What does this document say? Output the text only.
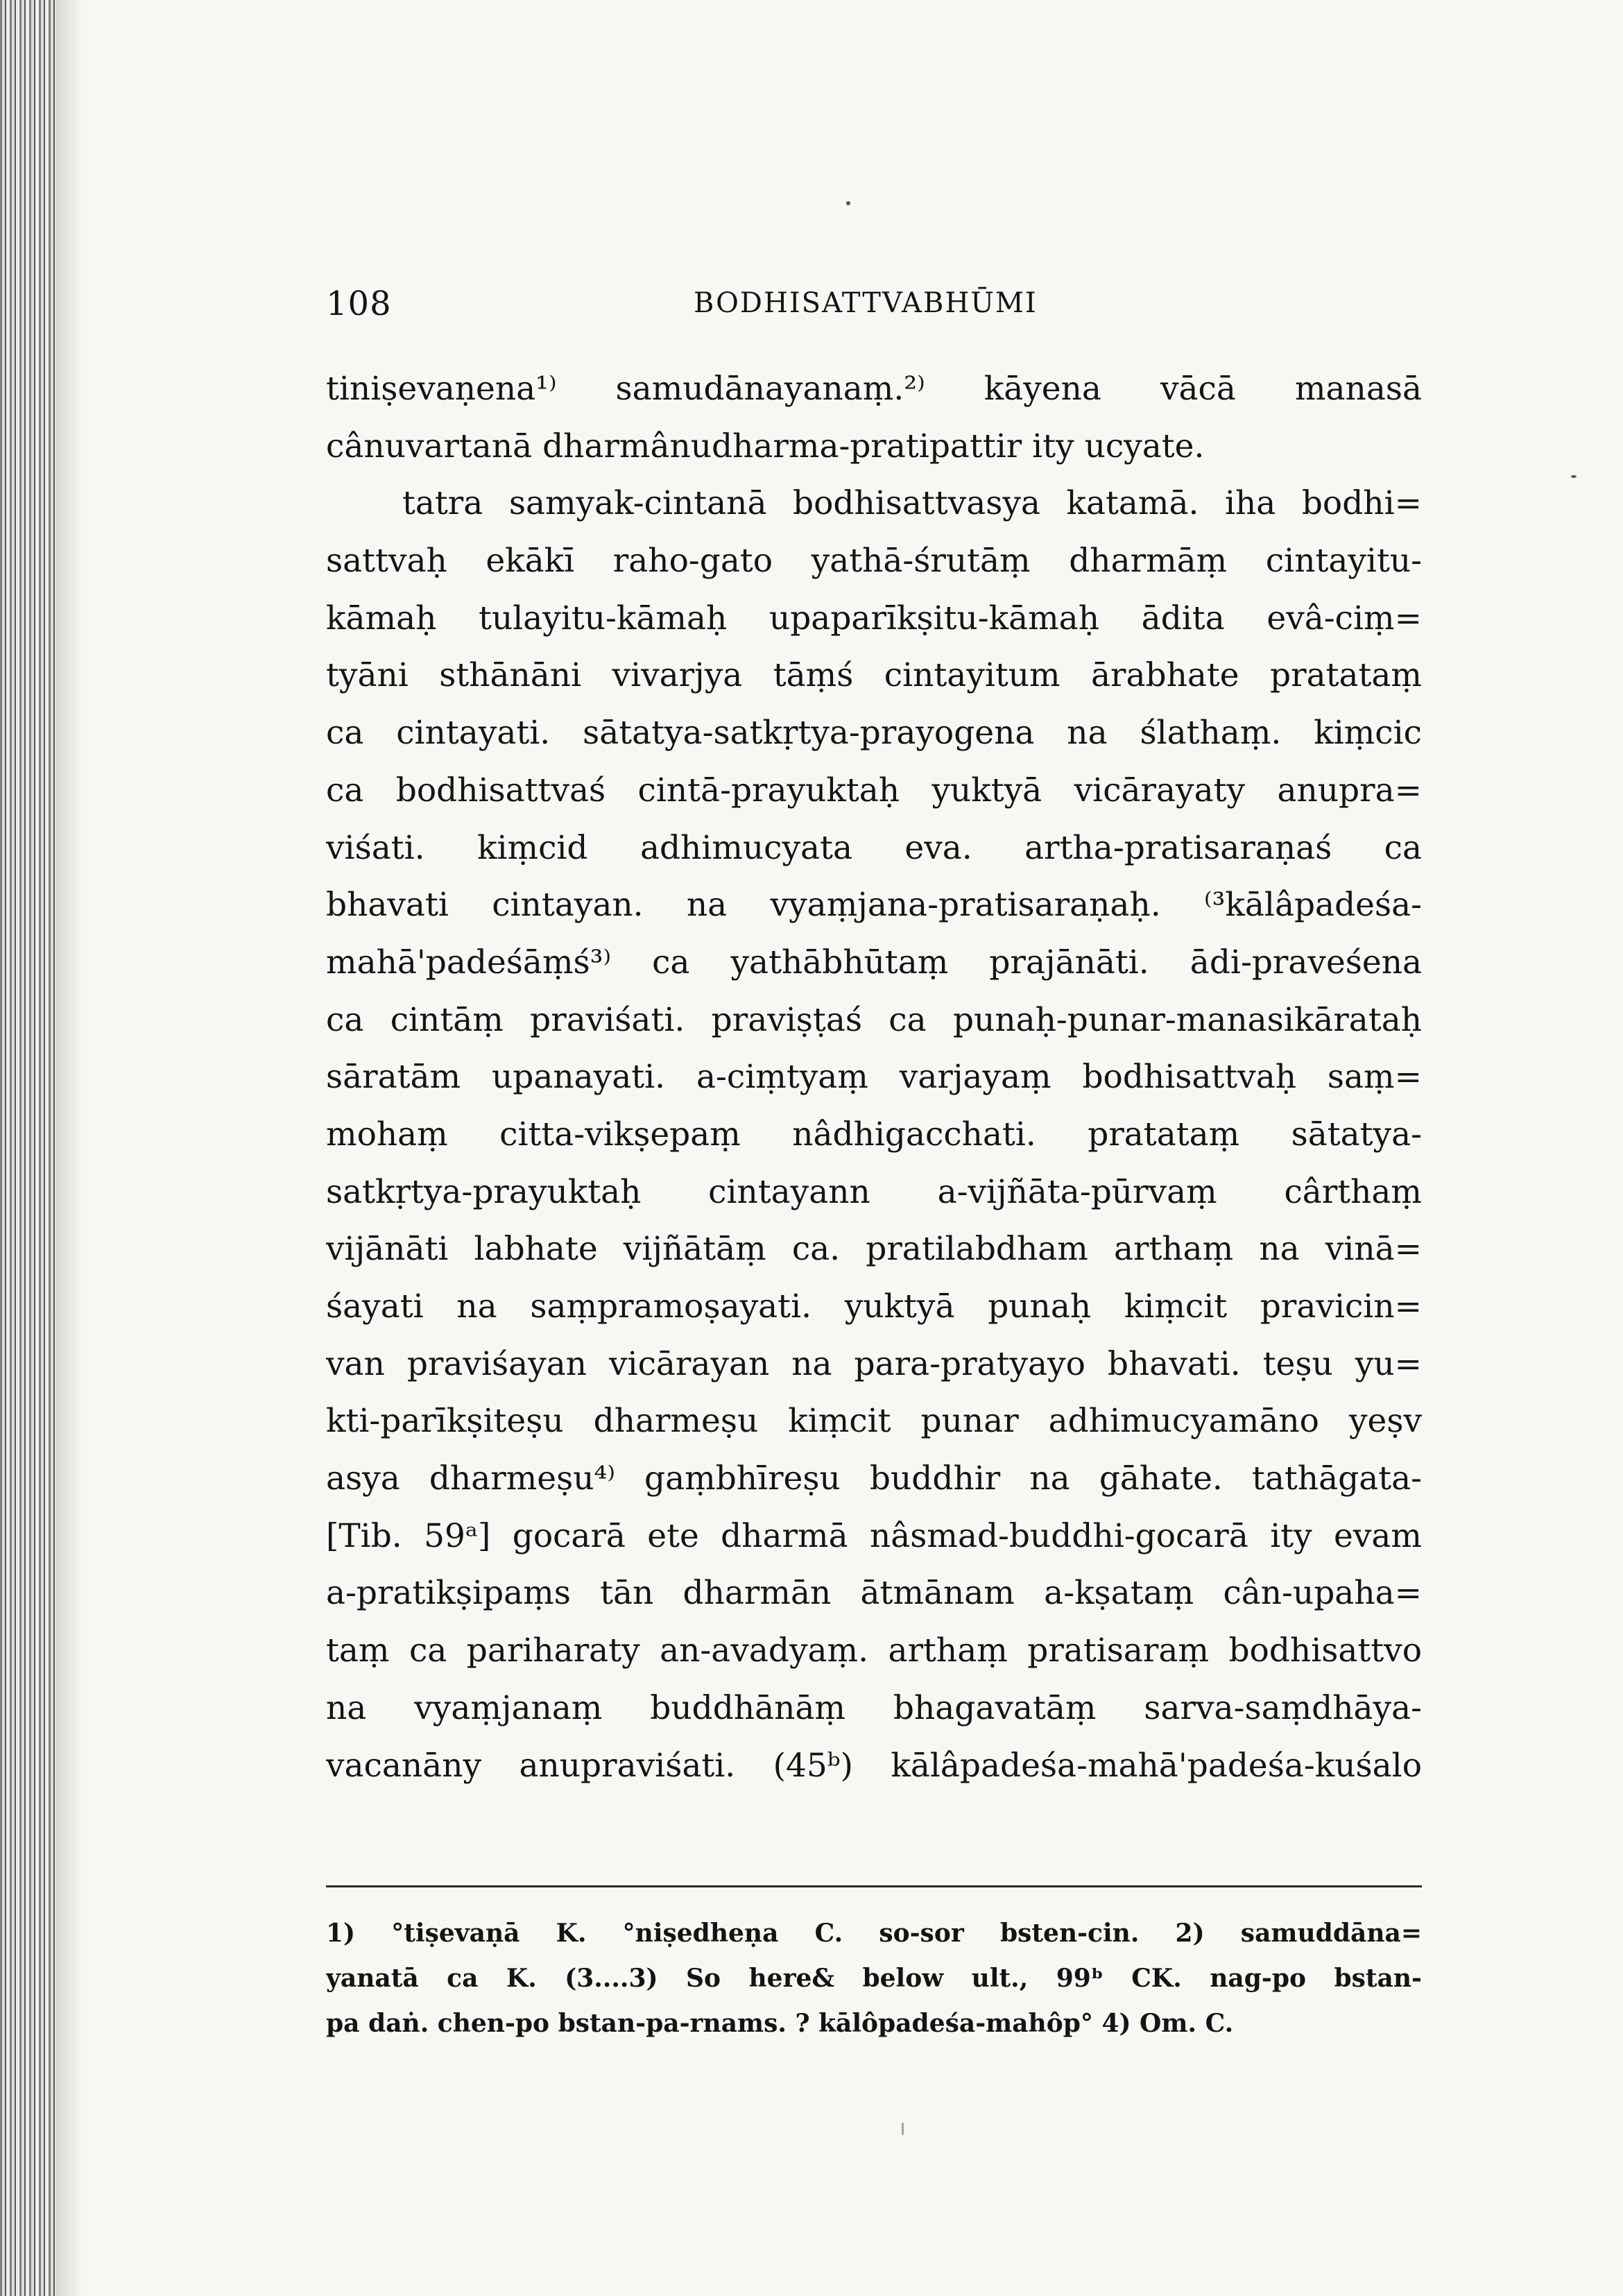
108	BODHISATTVABHŪMI
tiniṣevaṇena¹⁾ samudānayanaṃ.²⁾ kāyena vācā manasā
cânuvartanā dharmânudharma-pratipattir ity ucyate.
tatra samyak-cintanā bodhisattvasya katamā. iha bodhi=
sattvaḥ ekākī raho-gato yathā-śrutāṃ dharmāṃ cintayitu-
kāmaḥ tulayitu-kāmaḥ upaparīkṣitu-kāmaḥ ādita evâ-ciṃ=
tyāni sthānāni vivarjya tāṃś cintayitum ārabhate pratataṃ
ca cintayati. sātatya-satkṛtya-prayogena na ślathaṃ. kiṃcic
ca bodhisattvaś cintā-prayuktaḥ yuktyā vicārayaty anupra=
viśati. kiṃcid adhimucyata eva. artha-pratisaraṇaś ca
bhavati cintayan. na vyaṃjana-pratisaraṇaḥ. ⁽³kālâpadeśa-
mahā'padeśāṃś³⁾ ca yathābhūtaṃ prajānāti. ādi-praveśena
ca cintāṃ praviśati. praviṣṭaś ca punaḥ-punar-manasikārataḥ
sāratām upanayati. a-ciṃtyaṃ varjayaṃ bodhisattvaḥ saṃ=
mohaṃ citta-vikṣepaṃ nâdhigacchati. pratataṃ sātatya-
satkṛtya-prayuktaḥ cintayann a-vijñāta-pūrvaṃ cârthaṃ
vijānāti labhate vijñātāṃ ca. pratilabdham arthaṃ na vinā=
śayati na saṃpramoṣayati. yuktyā punaḥ kiṃcit pravicin=
van praviśayan vicārayan na para-pratyayo bhavati. teṣu yu=
kti-parīkṣiteṣu dharmeṣu kiṃcit punar adhimucyamāno yeṣv
asya dharmeṣu⁴⁾ gaṃbhīreṣu buddhir na gāhate. tathāgata-
[Tib. 59ᵃ] gocarā ete dharmā nâsmad-buddhi-gocarā ity evam
a-pratikṣipaṃs tān dharmān ātmānam a-kṣataṃ cân-upaha=
taṃ ca pariharaty an-avadyaṃ. arthaṃ pratisaraṃ bodhisattvo
na vyaṃjanaṃ buddhānāṃ bhagavatāṃ sarva-saṃdhāya-
vacanāny anupraviśati. (45ᵇ) kālâpadeśa-mahā'padeśa-kuśalo
1) °tiṣevaṇā K. °niṣedheṇa C. so-sor bsten-cin. 2) samuddāna=
yanatā ca K. (3....3) So here& below ult., 99ᵇ CK. nag-po bstan-
pa daṅ. chen-po bstan-pa-rnams. ? kālôpadeśa-mahôp° 4) Om. C.
